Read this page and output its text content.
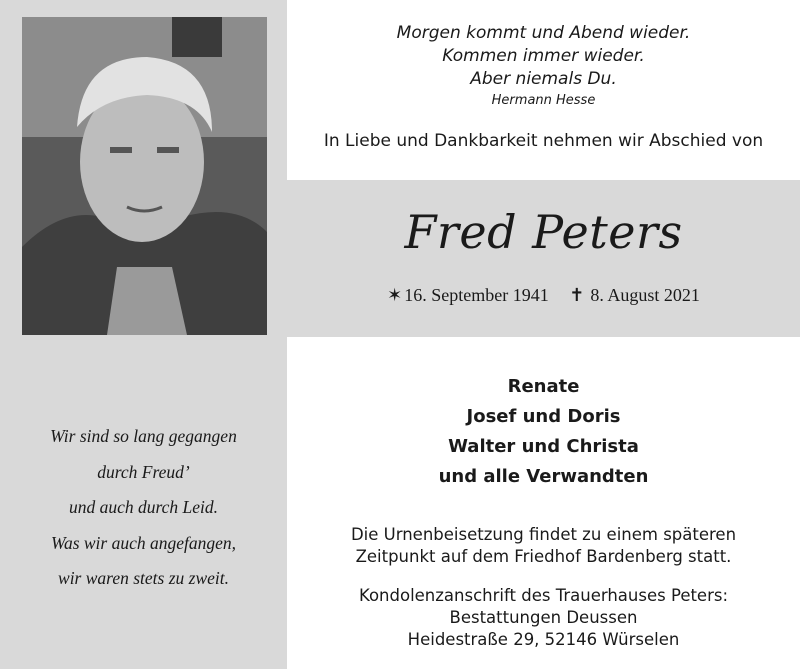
Morgen kommt und Abend wieder.
Kommen immer wieder.
Aber niemals Du.
Hermann Hesse
In Liebe und Dankbarkeit nehmen wir Abschied von
Fred Peters
✶ 16. September 1941 ✝ 8. August 2021
Renate
Josef und Doris
Walter und Christa
und alle Verwandten
Wir sind so lang gegangen
durch Freud’
und auch durch Leid.
Was wir auch angefangen,
wir waren stets zu zweit.
Die Urnenbeisetzung findet zu einem späteren
Zeitpunkt auf dem Friedhof Bardenberg statt.
Kondolenzanschrift des Trauerhauses Peters:
Bestattungen Deussen
Heidestraße 29, 52146 Würselen
